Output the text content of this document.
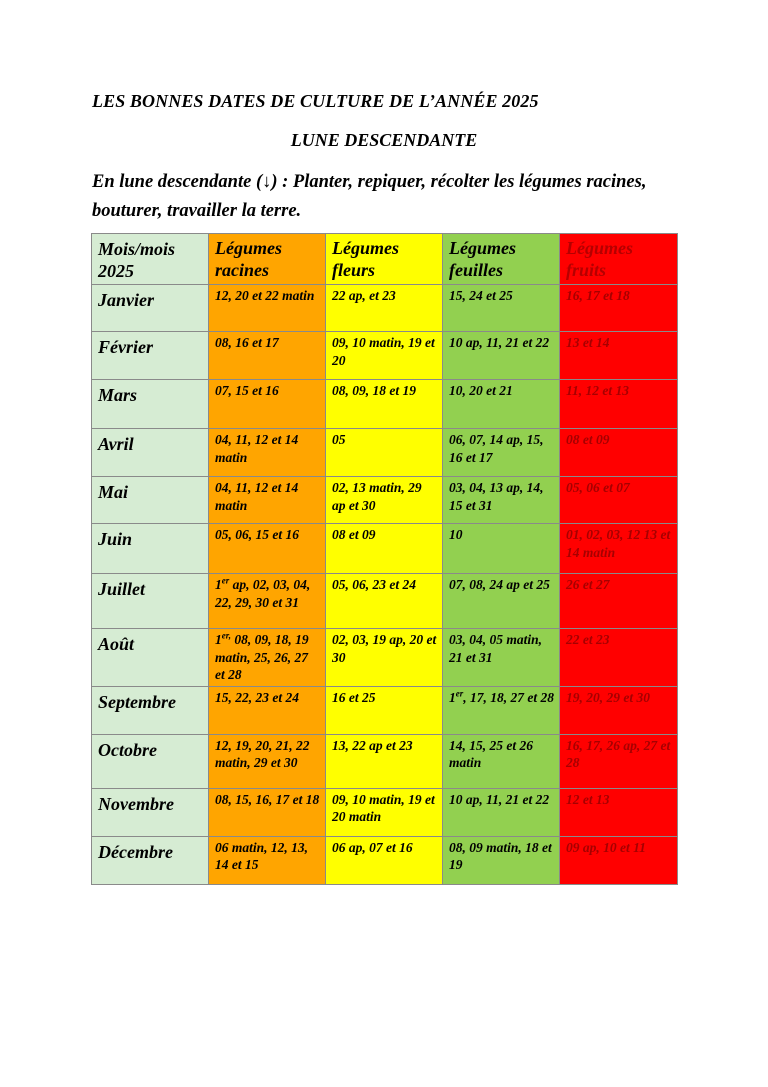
LES BONNES DATES DE CULTURE DE L’ANNÉE 2025
LUNE DESCENDANTE
En lune descendante (↓) : Planter, repiquer, récolter les légumes racines, bouturer, travailler la terre.
Mois/mois 2025	Légumes racines	Légumes fleurs	Légumes feuilles	Légumes fruits
Janvier	12, 20 et 22 matin	22 ap, et 23	15, 24 et 25	16, 17 et 18
Février	08, 16 et 17	09, 10 matin, 19 et 20	10 ap, 11, 21 et 22	13 et 14
Mars	07, 15 et 16	08, 09, 18 et 19	10, 20 et 21	11, 12 et 13
Avril	04, 11, 12 et 14 matin	05	06, 07, 14 ap, 15, 16 et 17	08 et 09
Mai	04, 11, 12 et 14 matin	02, 13 matin, 29 ap et 30	03, 04, 13 ap, 14, 15 et 31	05, 06 et 07
Juin	05, 06, 15 et 16	08 et 09	10	01, 02, 03, 12 13 et 14 matin
Juillet	1er ap, 02, 03, 04, 22, 29, 30 et 31	05, 06, 23 et 24	07, 08, 24 ap et 25	26 et 27
Août	$1^{er,}$ 08, 09, 18, 19 matin, 25, 26, 27 et 28	02, 03, 19 ap, 20 et 30	03, 04, 05 matin, 21 et 31	22 et 23
Septembre	15, 22, 23 et 24	16 et 25	1er, 17, 18, 27 et 28	19, 20, 29 et 30
Octobre	12, 19, 20, 21, 22 matin, 29 et 30	13, 22 ap et 23	14, 15, 25 et 26 matin	16, 17, 26 ap, 27 et 28
Novembre	08, 15, 16, 17 et 18	09, 10 matin, 19 et 20 matin	10 ap, 11, 21 et 22	12 et 13
Décembre	06 matin, 12, 13, 14 et 15	06 ap, 07 et 16	08, 09 matin, 18 et 19	09 ap, 10 et 11
